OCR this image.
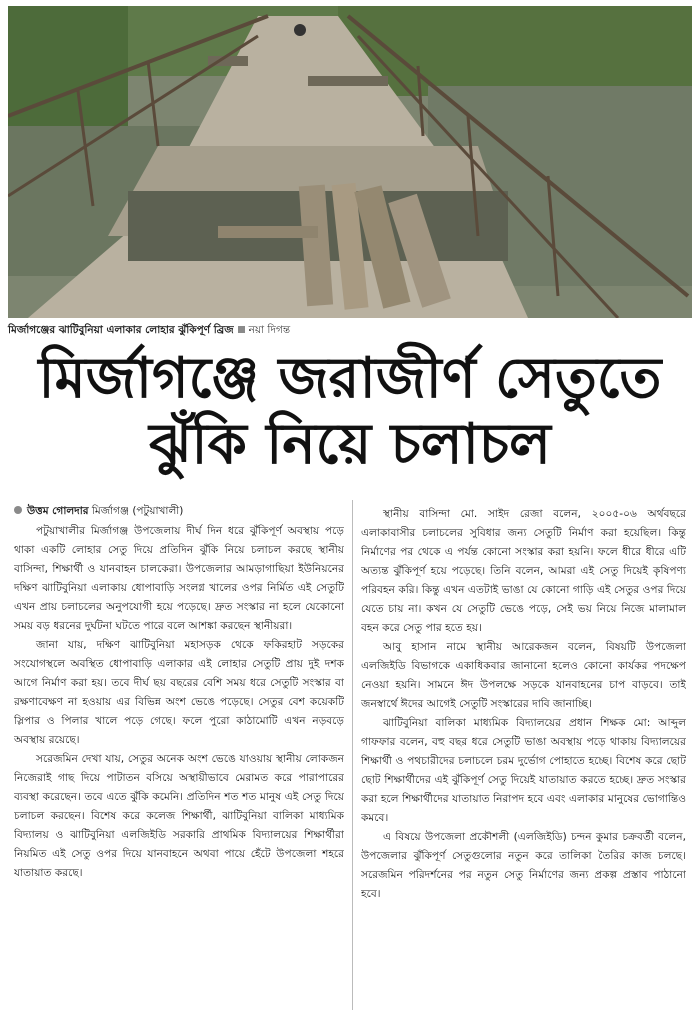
মির্জাগঞ্জের ঝাটিবুনিয়া এলাকার লোহার ঝুঁকিপূর্ণ ব্রিজ নয়া দিগন্ত
মির্জাগঞ্জে জরাজীর্ণ সেতুতে
ঝুঁকি নিয়ে চলাচল
উত্তম গোলদার মির্জাগঞ্জ (পটুয়াখালী)

পটুয়াখালীর মির্জাগঞ্জ উপজেলায় দীর্ঘ দিন ধরে ঝুঁকিপূর্ণ অবস্থায় পড়ে থাকা একটি লোহার সেতু দিয়ে প্রতিদিন ঝুঁকি নিয়ে চলাচল করছে স্থানীয় বাসিন্দা, শিক্ষার্থী ও যানবাহন চালকেরা। উপজেলার আমড়াগাছিয়া ইউনিয়নের দক্ষিণ ঝাটিবুনিয়া এলাকায় ধোপাবাড়ি সংলগ্ন খালের ওপর নির্মিত এই সেতুটি এখন প্রায় চলাচলের অনুপযোগী হয়ে পড়েছে। দ্রুত সংস্কার না হলে যেকোনো সময় বড় ধরনের দুর্ঘটনা ঘটতে পারে বলে আশঙ্কা করছেন স্থানীয়রা।

জানা যায়, দক্ষিণ ঝাটিবুনিয়া মহাসড়ক থেকে ফকিরহাট সড়কের সংযোগস্থলে অবস্থিত ধোপাবাড়ি এলাকার এই লোহার সেতুটি প্রায় দুই দশক আগে নির্মাণ করা হয়। তবে দীর্ঘ ছয় বছরের বেশি সময় ধরে সেতুটি সংস্কার বা রক্ষণাবেক্ষণ না হওয়ায় এর বিভিন্ন অংশ ভেঙে পড়েছে। সেতুর বেশ কয়েকটি স্লিপার ও পিলার খালে পড়ে গেছে। ফলে পুরো কাঠামোটি এখন নড়বড়ে অবস্থায় রয়েছে।

সরেজমিন দেখা যায়, সেতুর অনেক অংশ ভেঙে যাওয়ায় স্থানীয় লোকজন নিজেরাই গাছ দিয়ে পাটাতন বসিয়ে অস্থায়ীভাবে মেরামত করে পারাপারের ব্যবস্থা করেছেন। তবে এতে ঝুঁকি কমেনি। প্রতিদিন শত শত মানুষ এই সেতু দিয়ে চলাচল করছেন। বিশেষ করে কলেজ শিক্ষার্থী, ঝাটিবুনিয়া বালিকা মাধ্যমিক বিদ্যালয় ও ঝাটিবুনিয়া এলজিইডি সরকারি প্রাথমিক বিদ্যালয়ের শিক্ষার্থীরা নিয়মিত এই সেতু ওপর দিয়ে যানবাহনে অথবা পায়ে হেঁটে উপজেলা শহরে যাতায়াত করছে।

স্থানীয় বাসিন্দা মো. সাইদ রেজা বলেন, ২০০৫-০৬ অর্থবছরে এলাকাবাসীর চলাচলের সুবিধার জন্য সেতুটি নির্মাণ করা হয়েছিল। কিন্তু নির্মাণের পর থেকে এ পর্যন্ত কোনো সংস্কার করা হয়নি। ফলে ধীরে ধীরে এটি অত্যন্ত ঝুঁকিপূর্ণ হয়ে পড়েছে। তিনি বলেন, আমরা এই সেতু দিয়েই কৃষিপণ্য পরিবহন করি। কিন্তু এখন এতটাই ভাঙা যে কোনো গাড়ি এই সেতুর ওপর দিয়ে যেতে চায় না। কখন যে সেতুটি ভেঙে পড়ে, সেই ভয় নিয়ে নিজে মালামাল বহন করে সেতু পার হতে হয়।

আবু হাসান নামে স্থানীয় আরেকজন বলেন, বিষয়টি উপজেলা এলজিইডি বিভাগকে একাধিকবার জানানো হলেও কোনো কার্যকর পদক্ষেপ নেওয়া হয়নি। সামনে ঈদ উপলক্ষে সড়কে যানবাহনের চাপ বাড়বে। তাই জনস্বার্থে ঈদের আগেই সেতুটি সংস্কারের দাবি জানাচ্ছি।

ঝাটিবুনিয়া বালিকা মাধ্যমিক বিদ্যালয়ের প্রধান শিক্ষক মো: আব্দুল গাফফার বলেন, বহু বছর ধরে সেতুটি ভাঙা অবস্থায় পড়ে থাকায় বিদ্যালয়ের শিক্ষার্থী ও পথচারীদের চলাচলে চরম দুর্ভোগ পোহাতে হচ্ছে। বিশেষ করে ছোট ছোট শিক্ষার্থীদের এই ঝুঁকিপূর্ণ সেতু দিয়েই যাতায়াত করতে হচ্ছে। দ্রুত সংস্কার করা হলে শিক্ষার্থীদের যাতায়াত নিরাপদ হবে এবং এলাকার মানুষের ভোগান্তিও কমবে।

এ বিষয়ে উপজেলা প্রকৌশলী (এলজিইডি) চন্দন কুমার চক্রবর্তী বলেন, উপজেলার ঝুঁকিপূর্ণ সেতুগুলোর নতুন করে তালিকা তৈরির কাজ চলছে। সরেজমিন পরিদর্শনের পর নতুন সেতু নির্মাণের জন্য প্রকল্প প্রস্তাব পাঠানো হবে।
